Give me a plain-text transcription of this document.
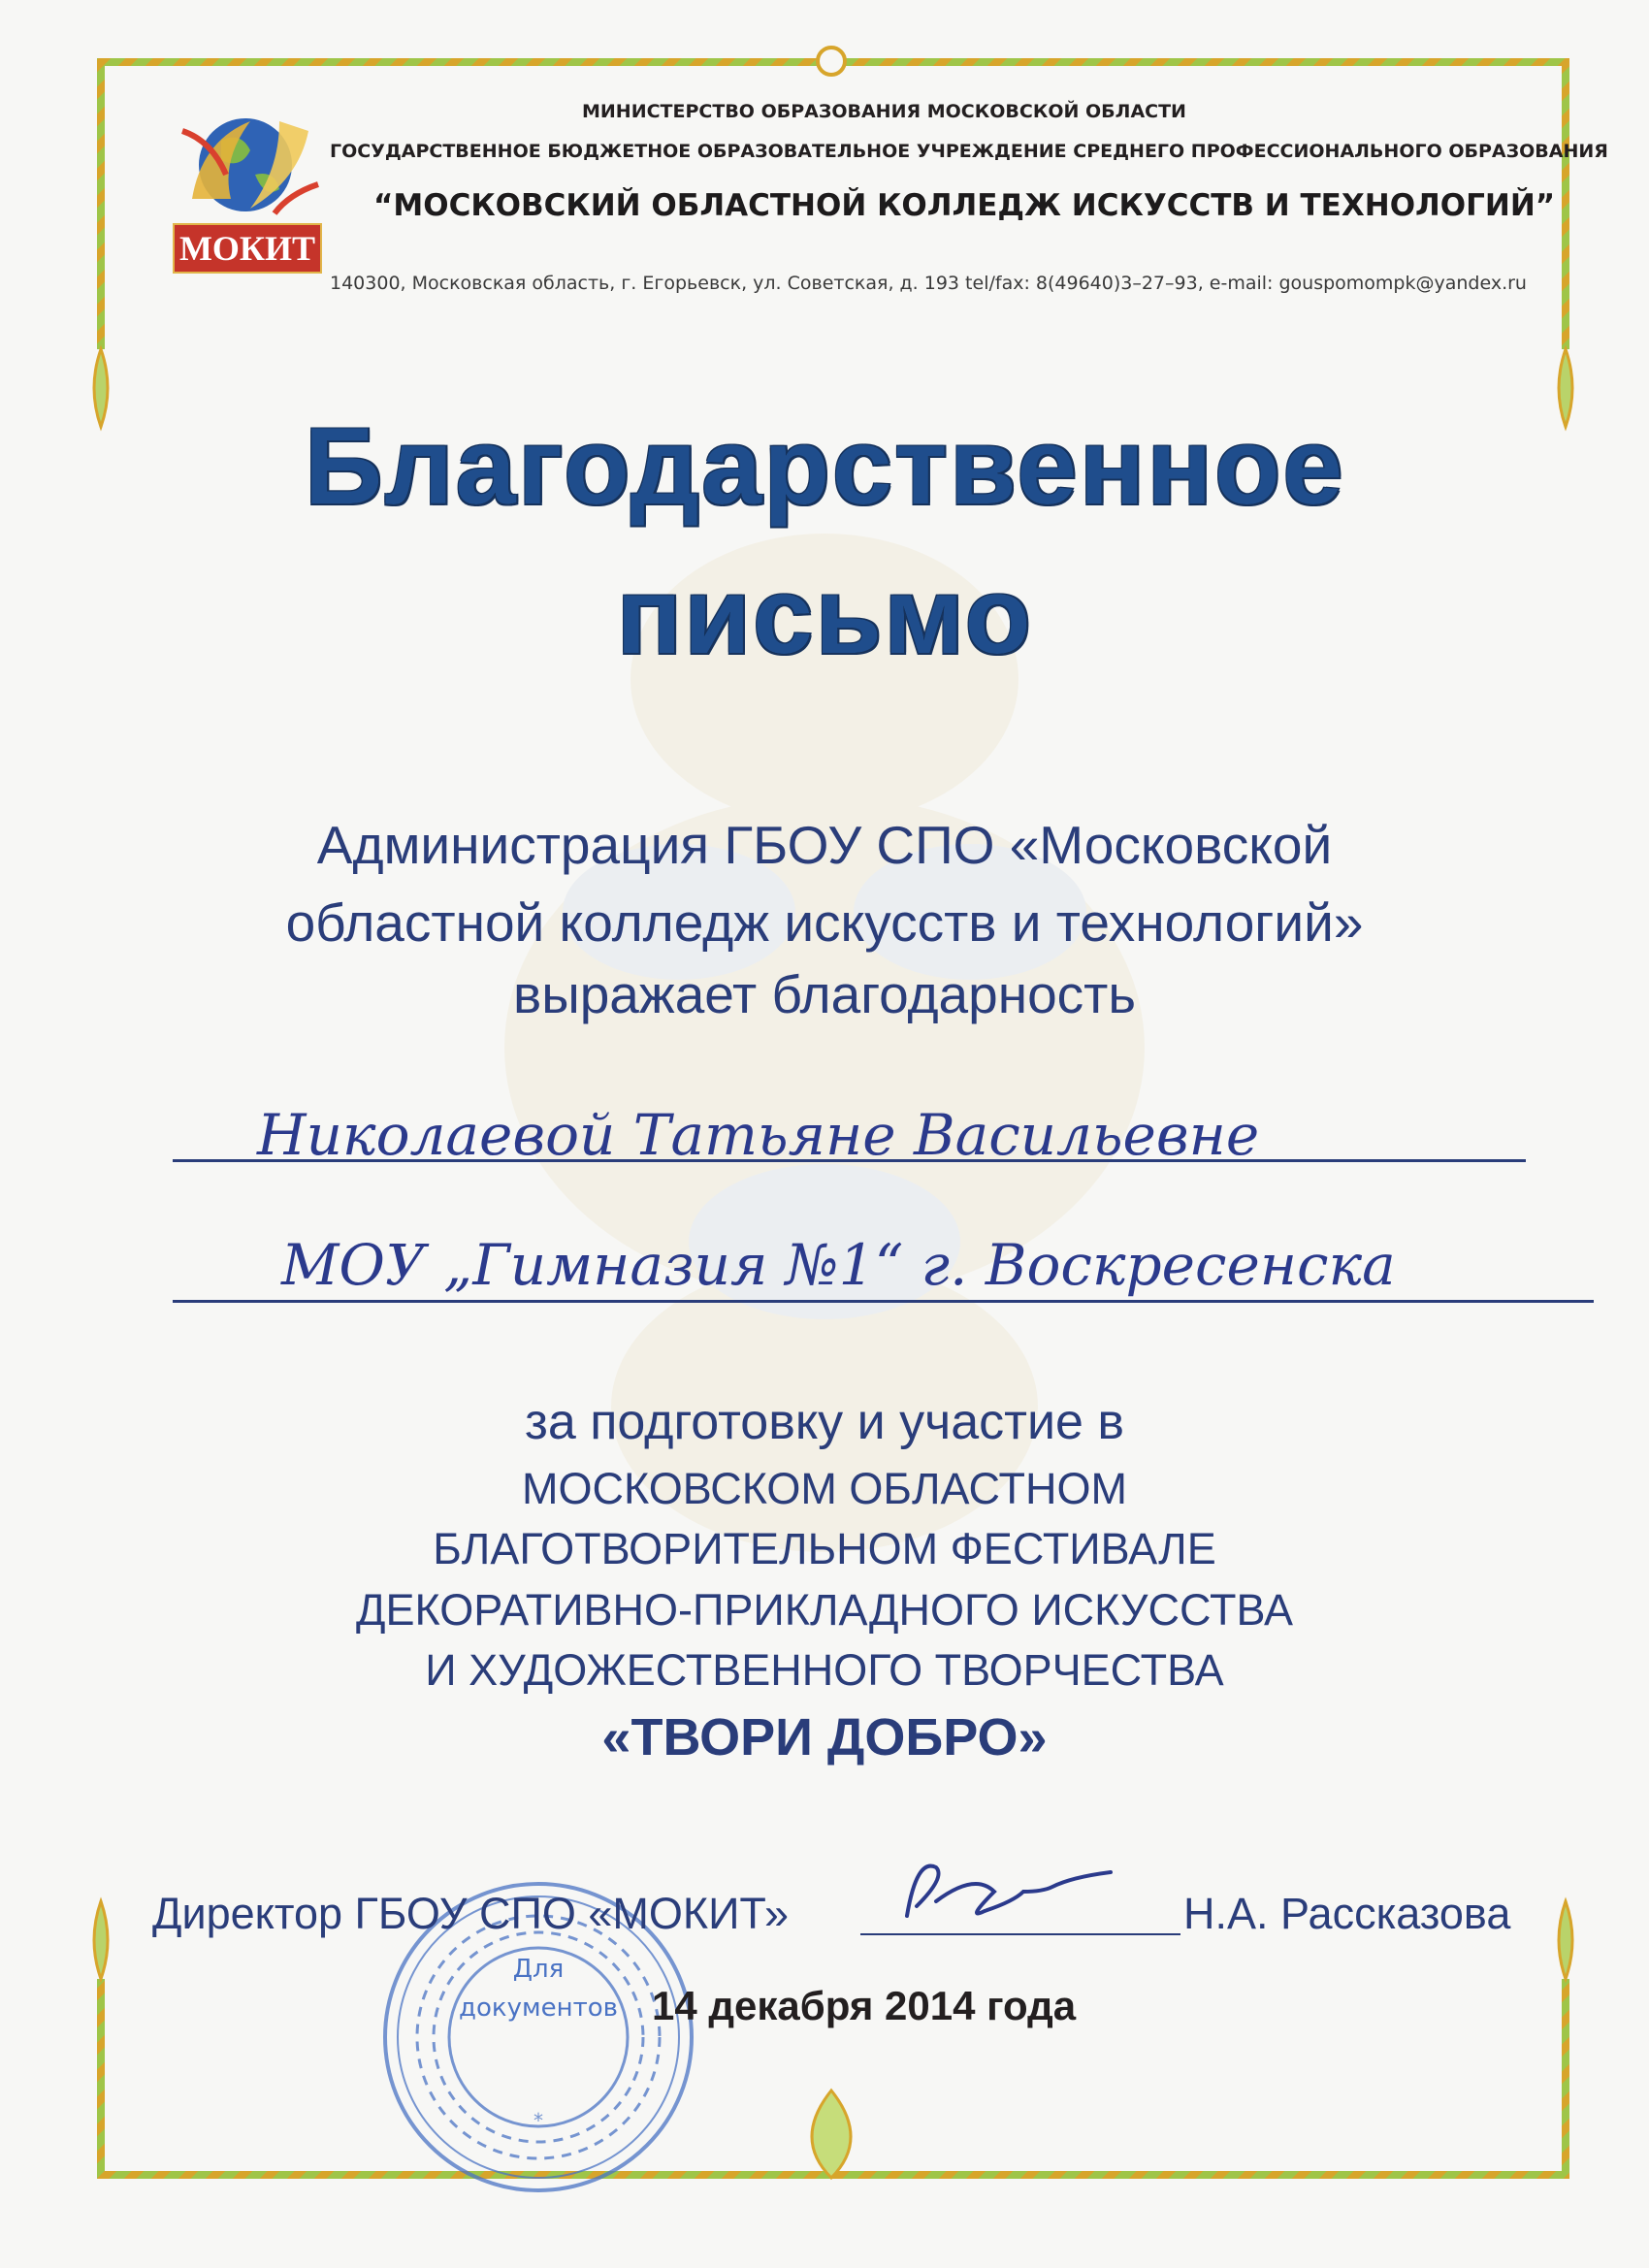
МОКИТ
МИНИСТЕРСТВО ОБРАЗОВАНИЯ МОСКОВСКОЙ ОБЛАСТИ
ГОСУДАРСТВЕННОЕ БЮДЖЕТНОЕ ОБРАЗОВАТЕЛЬНОЕ УЧРЕЖДЕНИЕ СРЕДНЕГО ПРОФЕССИОНАЛЬНОГО ОБРАЗОВАНИЯ
“МОСКОВСКИЙ ОБЛАСТНОЙ КОЛЛЕДЖ ИСКУССТВ И ТЕХНОЛОГИЙ”
140300, Московская область, г. Егорьевск, ул. Советская, д. 193 tel/fax: 8(49640)3–27–93, e-mail: gouspomompk@yandex.ru
Благодарственное
письмо
Администрация ГБОУ СПО «Московской
областной колледж искусств и технологий»
выражает благодарность
Николаевой Татьяне Васильевне
МОУ „Гимназия №1“ г. Воскресенска
за подготовку и участие в
МОСКОВСКОМ ОБЛАСТНОМ
БЛАГОТВОРИТЕЛЬНОМ ФЕСТИВАЛЕ
ДЕКОРАТИВНО-ПРИКЛАДНОГО ИСКУССТВА
И ХУДОЖЕСТВЕННОГО ТВОРЧЕСТВА
«ТВОРИ ДОБРО»
*
Для
документов
Директор ГБОУ СПО «МОКИТ»	Н.А. Рассказова
14 декабря 2014 года
